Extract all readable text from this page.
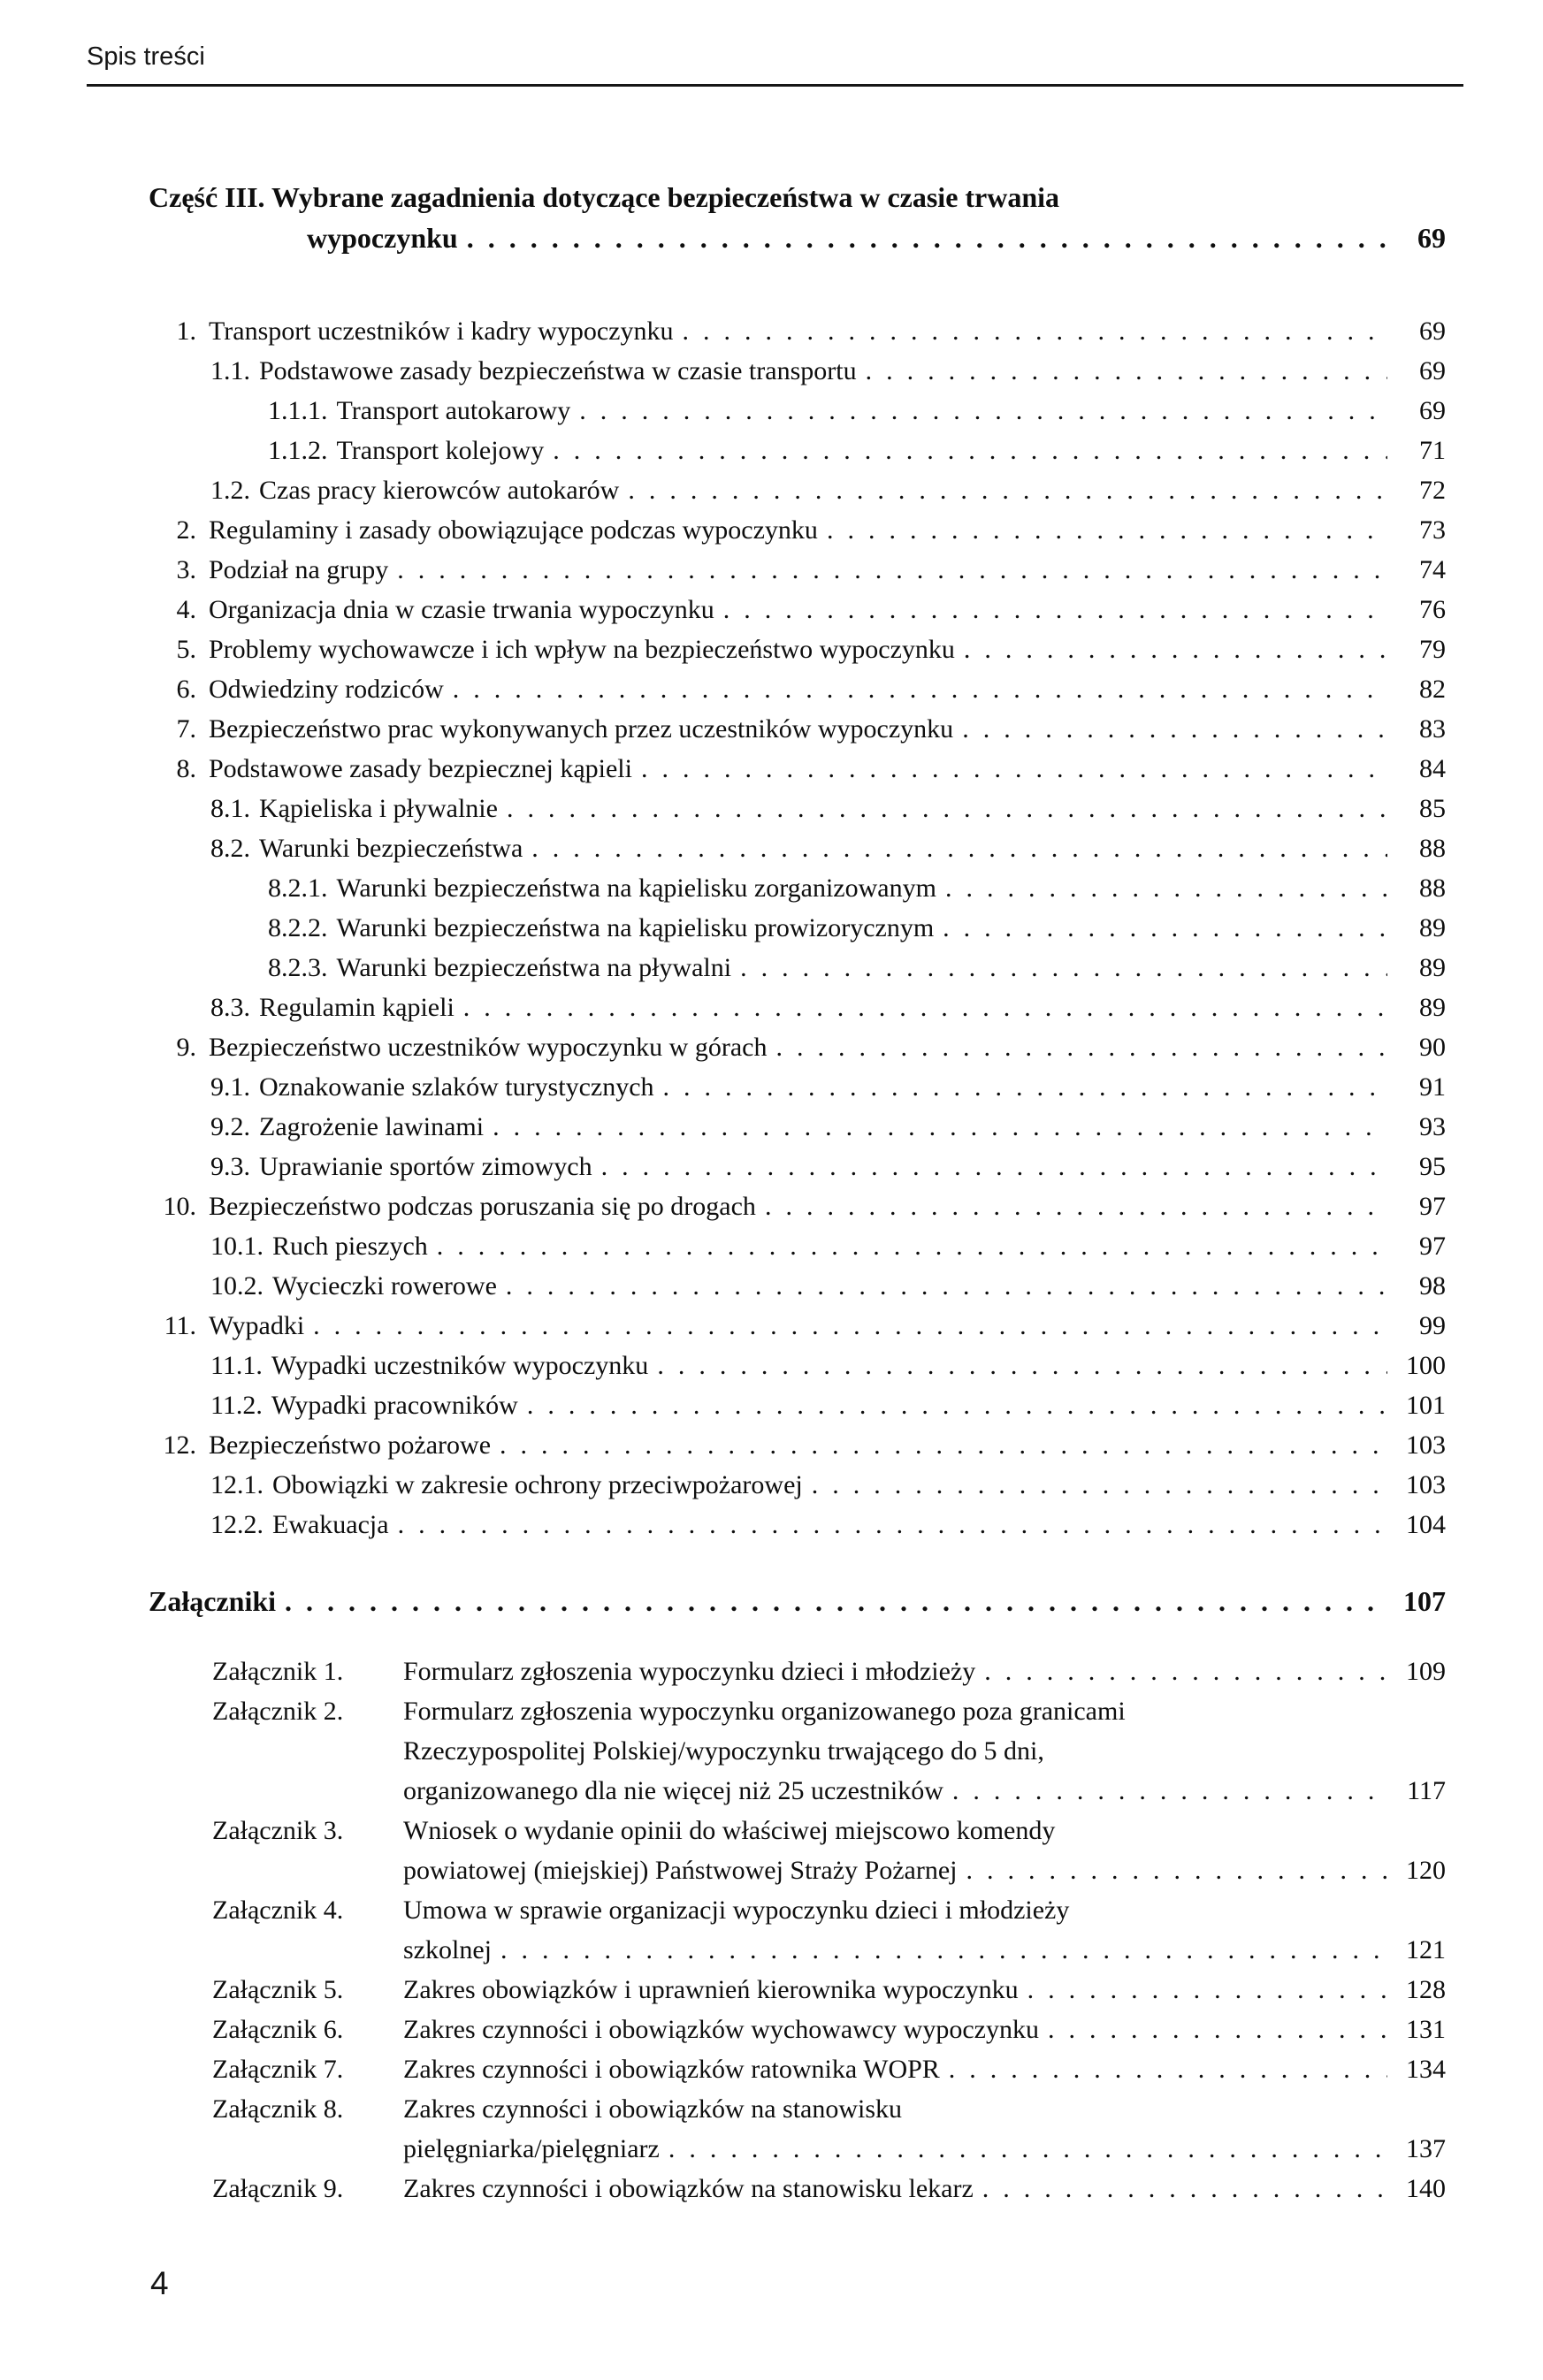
Spis treści
Część III. Wybrane zagadnienia dotyczące bezpieczeństwa w czasie trwania
wypoczynku .....	69
1. Transport uczestników i kadry wypoczynku .....	69
1.1. Podstawowe zasady bezpieczeństwa w czasie transportu .....	69
1.1.1. Transport autokarowy .....	69
1.1.2. Transport kolejowy .....	71
1.2. Czas pracy kierowców autokarów .....	72
2. Regulaminy i zasady obowiązujące podczas wypoczynku .....	73
3. Podział na grupy .....	74
4. Organizacja dnia w czasie trwania wypoczynku .....	76
5. Problemy wychowawcze i ich wpływ na bezpieczeństwo wypoczynku .....	79
6. Odwiedziny rodziców .....	82
7. Bezpieczeństwo prac wykonywanych przez uczestników wypoczynku .....	83
8. Podstawowe zasady bezpiecznej kąpieli .....	84
8.1. Kąpieliska i pływalnie .....	85
8.2. Warunki bezpieczeństwa .....	88
8.2.1. Warunki bezpieczeństwa na kąpielisku zorganizowanym .....	88
8.2.2. Warunki bezpieczeństwa na kąpielisku prowizorycznym .....	89
8.2.3. Warunki bezpieczeństwa na pływalni .....	89
8.3. Regulamin kąpieli .....	89
9. Bezpieczeństwo uczestników wypoczynku w górach .....	90
9.1. Oznakowanie szlaków turystycznych .....	91
9.2. Zagrożenie lawinami .....	93
9.3. Uprawianie sportów zimowych .....	95
10. Bezpieczeństwo podczas poruszania się po drogach .....	97
10.1. Ruch pieszych .....	97
10.2. Wycieczki rowerowe .....	98
11. Wypadki .....	99
11.1. Wypadki uczestników wypoczynku .....	100
11.2. Wypadki pracowników .....	101
12. Bezpieczeństwo pożarowe .....	103
12.1. Obowiązki w zakresie ochrony przeciwpożarowej .....	103
12.2. Ewakuacja .....	104
Załączniki .....	107
Załącznik 1.	Formularz zgłoszenia wypoczynku dzieci i młodzieży .....	109
Załącznik 2.	Formularz zgłoszenia wypoczynku organizowanego poza granicami
Rzeczypospolitej Polskiej/wypoczynku trwającego do 5 dni,
organizowanego dla nie więcej niż 25 uczestników .....	117
Załącznik 3.	Wniosek o wydanie opinii do właściwej miejscowo komendy
powiatowej (miejskiej) Państwowej Straży Pożarnej .....	120
Załącznik 4.	Umowa w sprawie organizacji wypoczynku dzieci i młodzieży
szkolnej .....	121
Załącznik 5.	Zakres obowiązków i uprawnień kierownika wypoczynku .....	128
Załącznik 6.	Zakres czynności i obowiązków wychowawcy wypoczynku .....	131
Załącznik 7.	Zakres czynności i obowiązków ratownika WOPR .....	134
Załącznik 8.	Zakres czynności i obowiązków na stanowisku
pielęgniarka/pielęgniarz .....	137
Załącznik 9.	Zakres czynności i obowiązków na stanowisku lekarz .....	140
4
